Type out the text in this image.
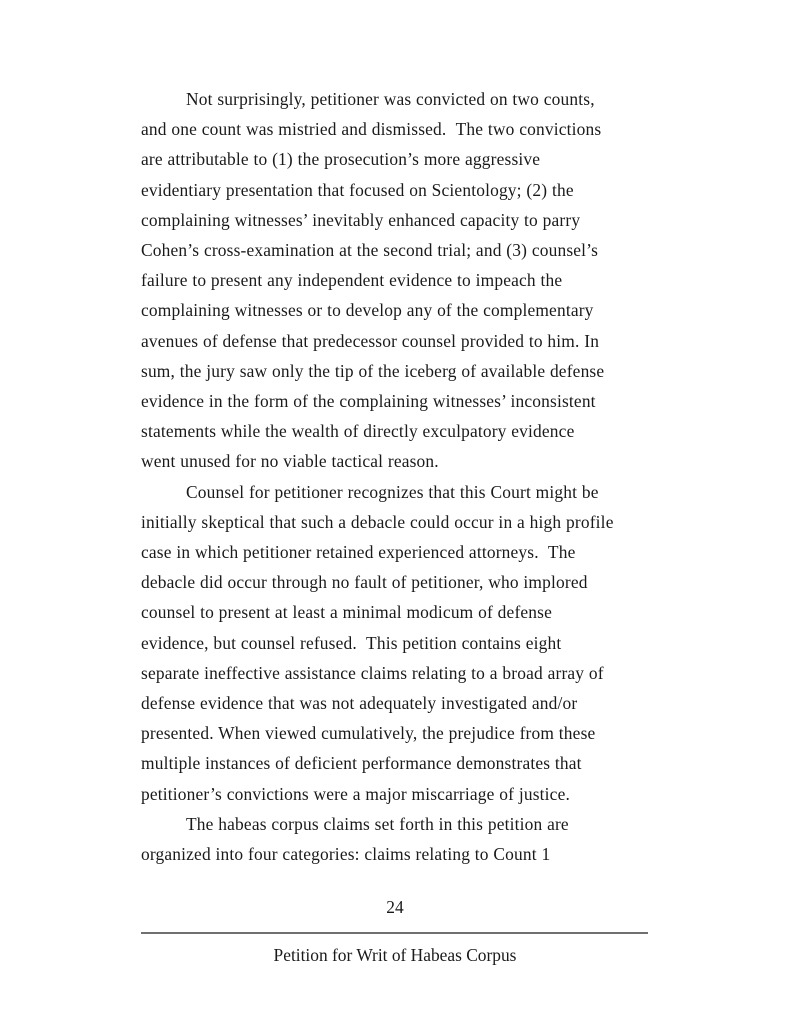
Not surprisingly, petitioner was convicted on two counts,
and one count was mistried and dismissed.  The two convictions
are attributable to (1) the prosecution’s more aggressive
evidentiary presentation that focused on Scientology; (2) the
complaining witnesses’ inevitably enhanced capacity to parry
Cohen’s cross-examination at the second trial; and (3) counsel’s
failure to present any independent evidence to impeach the
complaining witnesses or to develop any of the complementary
avenues of defense that predecessor counsel provided to him. In
sum, the jury saw only the tip of the iceberg of available defense
evidence in the form of the complaining witnesses’ inconsistent
statements while the wealth of directly exculpatory evidence
went unused for no viable tactical reason.

Counsel for petitioner recognizes that this Court might be
initially skeptical that such a debacle could occur in a high profile
case in which petitioner retained experienced attorneys.  The
debacle did occur through no fault of petitioner, who implored
counsel to present at least a minimal modicum of defense
evidence, but counsel refused.  This petition contains eight
separate ineffective assistance claims relating to a broad array of
defense evidence that was not adequately investigated and/or
presented. When viewed cumulatively, the prejudice from these
multiple instances of deficient performance demonstrates that
petitioner’s convictions were a major miscarriage of justice.

The habeas corpus claims set forth in this petition are
organized into four categories: claims relating to Count 1

24
Petition for Writ of Habeas Corpus
